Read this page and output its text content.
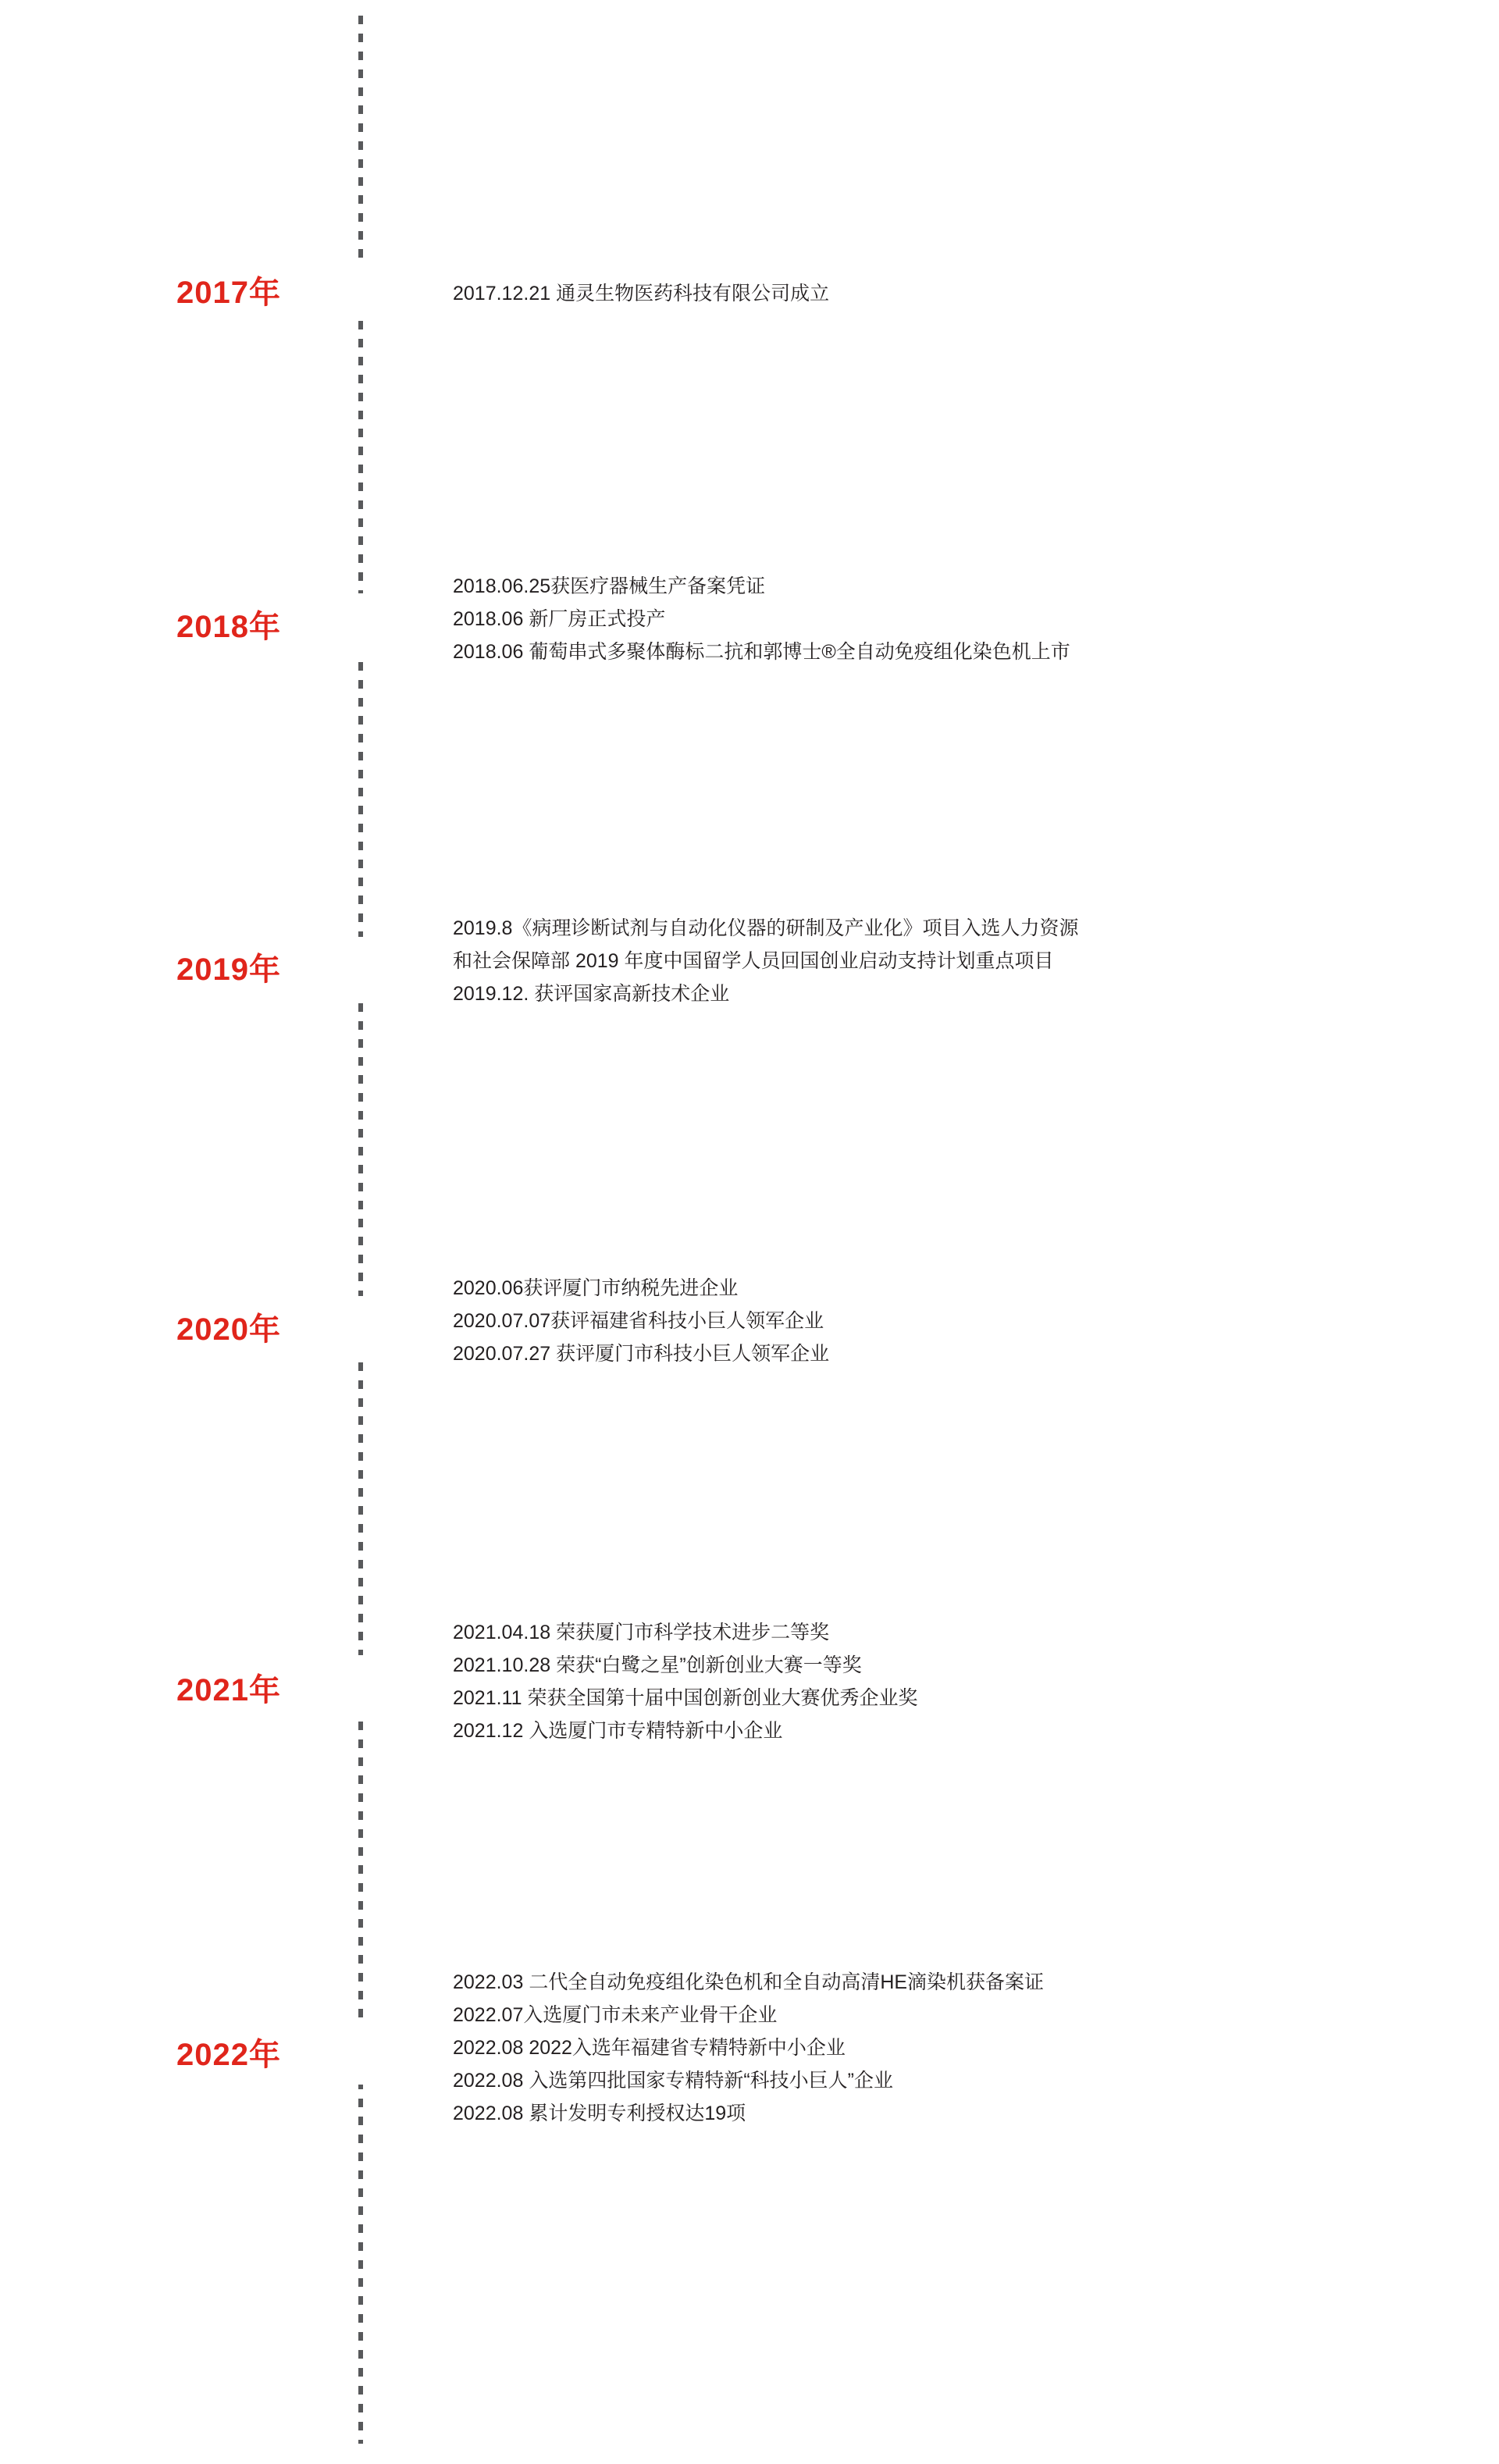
2017年	2017.12.21 通灵生物医药科技有限公司成立
2018年
2018.06.25获医疗器械生产备案凭证
2018.06 新厂房正式投产
2018.06 葡萄串式多聚体酶标二抗和郭博士®全自动免疫组化染色机上市
2019年
2019.8《病理诊断试剂与自动化仪器的研制及产业化》项目入选人力资源
和社会保障部 2019 年度中国留学人员回国创业启动支持计划重点项目
2019.12. 获评国家高新技术企业
2020年
2020.06获评厦门市纳税先进企业
2020.07.07获评福建省科技小巨人领军企业
2020.07.27 获评厦门市科技小巨人领军企业
2021年
2021.04.18 荣获厦门市科学技术进步二等奖
2021.10.28 荣获“白鹭之星”创新创业大赛一等奖
2021.11 荣获全国第十届中国创新创业大赛优秀企业奖
2021.12 入选厦门市专精特新中小企业
2022年
2022.03 二代全自动免疫组化染色机和全自动高清HE滴染机获备案证
2022.07入选厦门市未来产业骨干企业
2022.08 2022入选年福建省专精特新中小企业
2022.08 入选第四批国家专精特新“科技小巨人”企业
2022.08 累计发明专利授权达19项
